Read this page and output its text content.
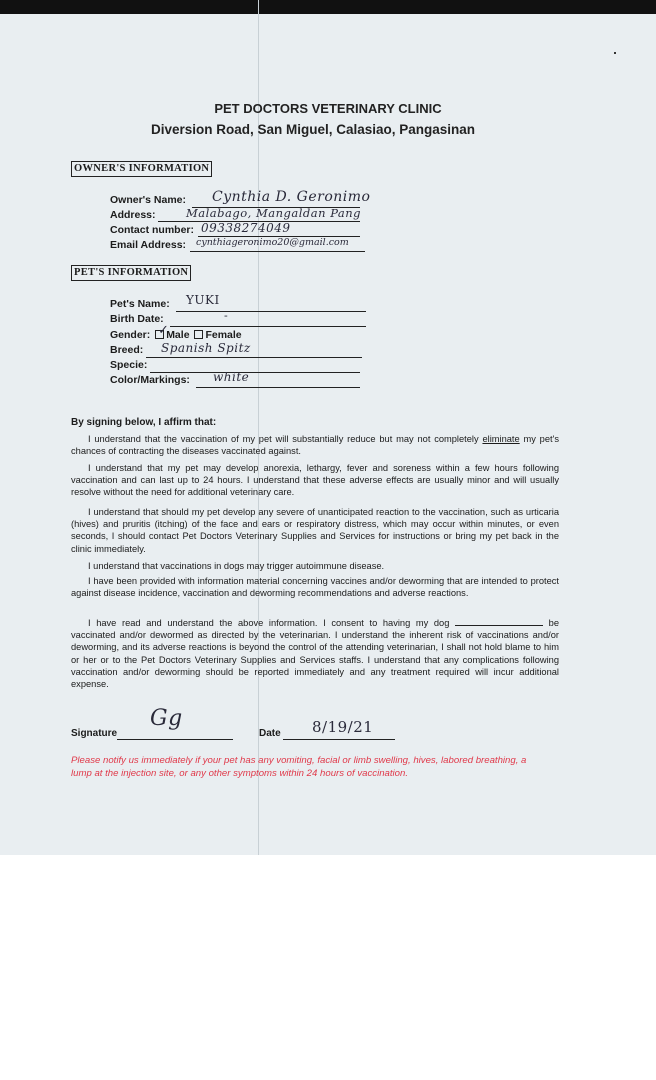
PET DOCTORS VETERINARY CLINIC
Diversion Road, San Miguel, Calasiao, Pangasinan
OWNER'S INFORMATION
Owner's Name: Cynthia D. Geronimo
Address:	Malabago, Mangaldan Pang
Contact number: 09338274049
Email Address: cynthiageronimo20@gmail.com
PET'S INFORMATION
Pet's Name: YUKI
Birth Date:	-
Gender: Male Female
✓
Breed: Spanish Spitz
Specie:
Color/Markings: white
By signing below, I affirm that:

I understand that the vaccination of my pet will substantially reduce but may not completely eliminate my pet's chances of contracting the diseases vaccinated against.

I understand that my pet may develop anorexia, lethargy, fever and soreness within a few hours following vaccination and can last up to 24 hours. I understand that these adverse effects are usually minor and will usually resolve without the need for additional veterinary care.

I understand that should my pet develop any severe of unanticipated reaction to the vaccination, such as urticaria (hives) and pruritis (itching) of the face and ears or respiratory distress, which may occur within minutes, or even seconds, I should contact Pet Doctors Veterinary Supplies and Services for instructions or bring my pet back in the clinic immediately.

I understand that vaccinations in dogs may trigger autoimmune disease.

I have been provided with information material concerning vaccines and/or deworming that are intended to protect against disease incidence, vaccination and deworming recommendations and adverse reactions.

I have read and understand the above information. I consent to having my dog	be vaccinated and/or dewormed as directed by the veterinarian. I understand the inherent risk of vaccinations and/or deworming, and its adverse reactions is beyond the control of the attending veterinarian, I shall not hold blame to him or her or to the Pet Doctors Veterinary Supplies and Services staffs. I understand that any complications following vaccination and/or deworming should be reported immediately and any treatment required will incur additional expense.

Signature
Gg
Date 8/19/21

Please notify us immediately if your pet has any vomiting, facial or limb swelling, hives, labored breathing, a lump at the injection site, or any other symptoms within 24 hours of vaccination.
